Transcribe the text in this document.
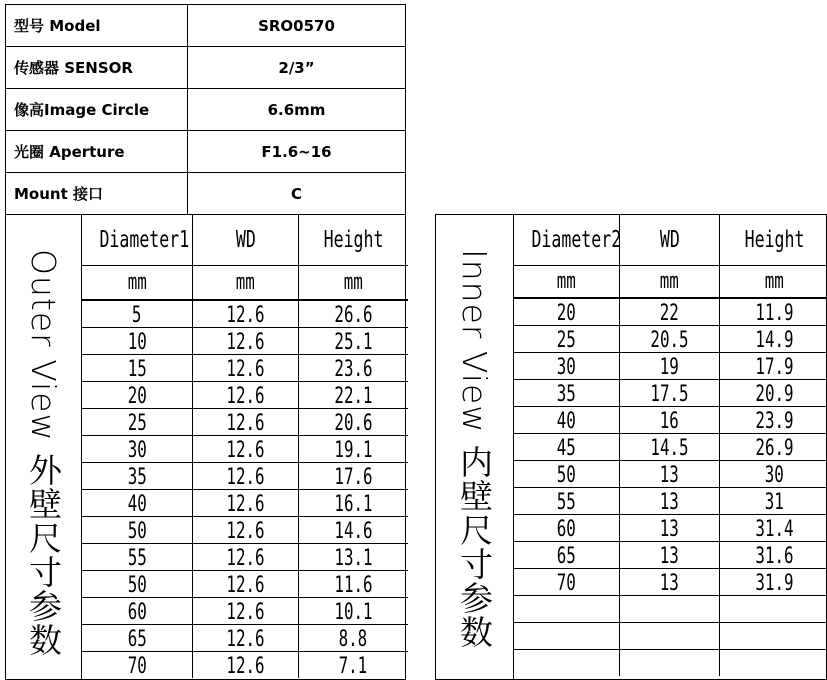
型号 Model	SRO0570
传感器 SENSOR	2/3”
像高Image Circle	6.6mm
光圈 Aperture	F1.6~16
Mount 接口	C
Outer View 外壁尺寸参数
Diameter1	WD	Height
mm	mm	mm
5	12.6	26.6
10	12.6	25.1
15	12.6	23.6
20	12.6	22.1
25	12.6	20.6
30	12.6	19.1
35	12.6	17.6
40	12.6	16.1
50	12.6	14.6
55	12.6	13.1
50	12.6	11.6
60	12.6	10.1
65	12.6	8.8
70	12.6	7.1
Inner View 内壁尺寸参数
Diameter2	WD	Height
mm	mm	mm
20	22	11.9
25	20.5	14.9
30	19	17.9
35	17.5	20.9
40	16	23.9
45	14.5	26.9
50	13	30
55	13	31
60	13	31.4
65	13	31.6
70	13	31.9
